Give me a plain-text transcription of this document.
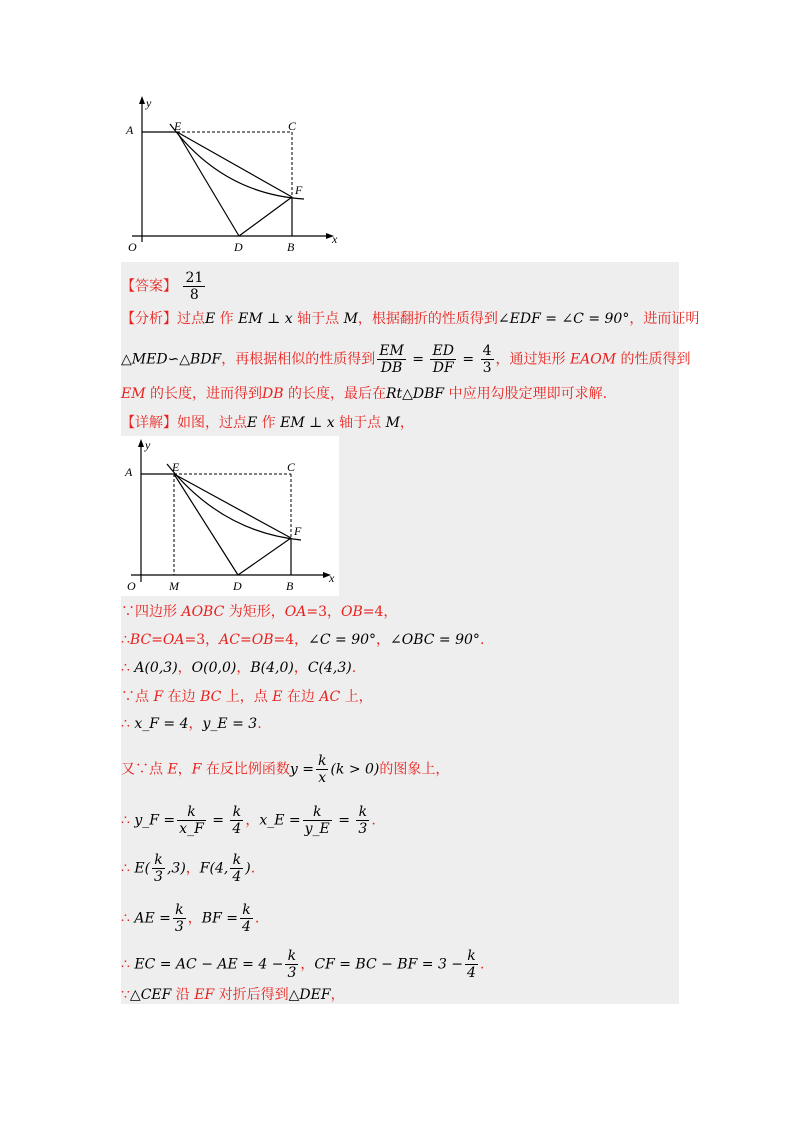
y
A	E	C
F
O	D	B
x
【答案】 $\frac{21}{8}$
【分析】过点E 作 EM ⊥ x 轴于点 M，根据翻折的性质得到∠EDF = ∠C = 90°，进而证明
△MED∽△BDF，再根据相似的性质得到 $\frac{EM}{DB} = \frac{ED}{DF} = \frac{4}{3}$ ，通过矩形 EAOM 的性质得到
EM 的长度，进而得到DB 的长度，最后在Rt△DBF 中应用勾股定理即可求解.
【详解】如图，过点E 作 EM ⊥ x 轴于点 M，
y
A	E	C
F
O	M	D	B
x
∵四边形 AOBC 为矩形，OA=3，OB=4，
∴BC=OA=3，AC=OB=4，∠C = 90°，∠OBC = 90°.
∴ A(0,3)，O(0,0)，B(4,0)，C(4,3).
∵点 F 在边 BC 上，点 E 在边 AC 上，
∴ x_F = 4，y_E = 3.
又∵点 E，F 在反比例函数$y = \frac{k}{x} (k > 0)$的图象上，
∴ y_F = $\frac{k}{x\_F} = \frac{k}{4}$ ，x_E = $\frac{k}{y\_E} = \frac{k}{3}$ .
∴ $E( \frac{k}{3} ,3)$，F(4, $\frac{k}{4}$ ).
∴ AE = $\frac{k}{3}$ ，BF = $\frac{k}{4}$ .
∴ EC = AC − AE = $4 - \frac{k}{3}$ ，CF = BC − BF = $3 - \frac{k}{4}$ .
∵△CEF 沿 EF 对折后得到△DEF，
